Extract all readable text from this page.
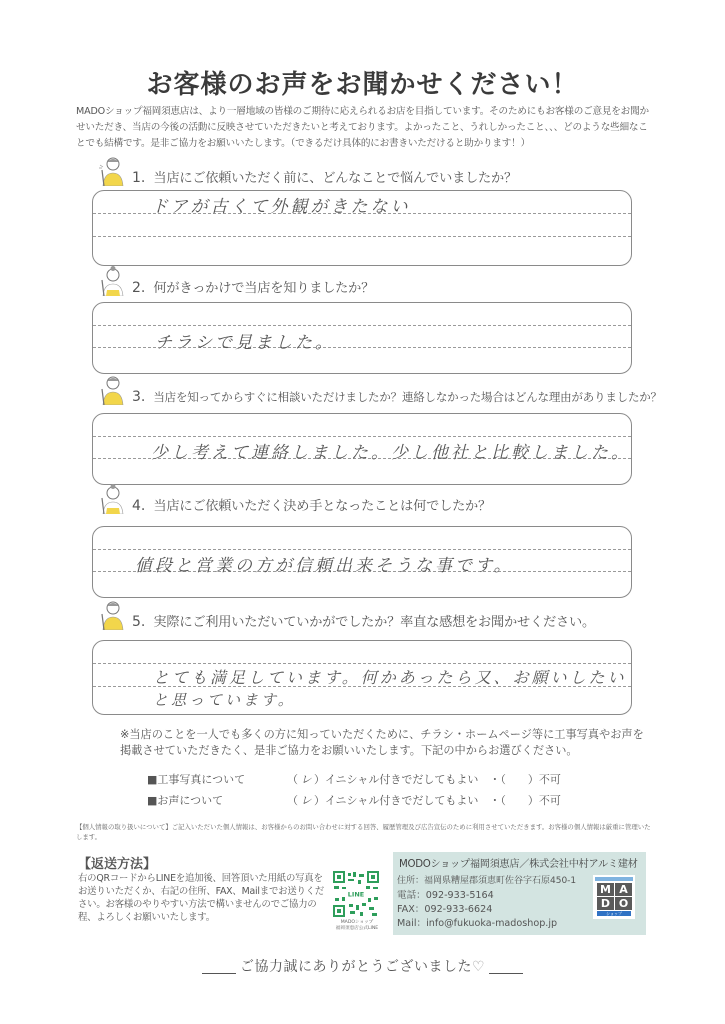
お客様のお声をお聞かせください！
MADOショップ福岡須恵店は、より一層地域の皆様のご期待に応えられるお店を目指しています。そのためにもお客様のご意見をお聞かせいただき、当店の今後の活動に反映させていただきたいと考えております。よかったこと、うれしかったこと、、、どのような些細なことでも結構です。是非ご協力をお願いいたします。（できるだけ具体的にお書きいただけると助かります！）
1. 当店にご依頼いただく前に、どんなことで悩んでいましたか？
ドアが古くて外観がきたない
2. 何がきっかけで当店を知りましたか？
チラシで見ました。
3. 当店を知ってからすぐに相談いただけましたか？連絡しなかった場合はどんな理由がありましたか？
少し考えて連絡しました。少し他社と比較しました。
4. 当店にご依頼いただく決め手となったことは何でしたか？
値段と営業の方が信頼出来そうな事です。
5. 実際にご利用いただいていかがでしたか？率直な感想をお聞かせください。
とても満足しています。何かあったら又、お願いしたい
と思っています。
※当店のことを一人でも多くの方に知っていただくために、チラシ・ホームページ等に工事写真やお声を掲載させていただきたく、是非ご協力をお願いいたします。下記の中からお選びください。
■工事写真について	（ レ ）イニシャル付きでだしてもよい　・（　　）不可
■お声について	（ レ ）イニシャル付きでだしてもよい　・（　　）不可
【個人情報の取り扱いについて】ご記入いただいた個人情報は、お客様からのお問い合わせに対する回答、履歴管理及び広告宣伝のために利用させていただきます。お客様の個人情報は厳重に管理いたします。
【返送方法】
右のQRコードからLINEを追加後、回答頂いた用紙の写真をお送りいただくか、右記の住所、FAX、Mailまでお送りください。お客様のやりやすい方法で構いませんのでご協力の程、よろしくお願いいたします。
LINE
MADOショップ
福岡須恵店公式LINE
MODOショップ福岡須恵店／株式会社中村アルミ建材
住所：福岡県糟屋郡須恵町佐谷字石原450-1
電話：092-933-5164
FAX：092-933-6624
Mail：info@fukuoka-madoshop.jp
M A
D O
ショップ
ご協力誠にありがとうございました♡
